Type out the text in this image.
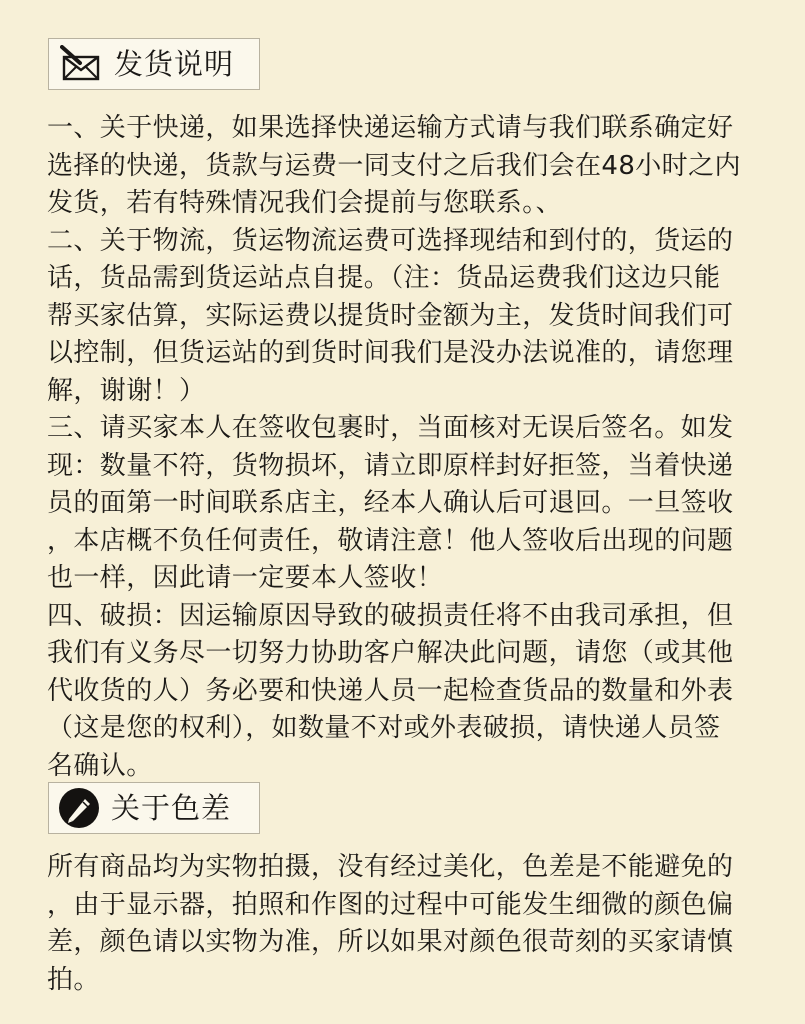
发货说明

一、关于快递，如果选择快递运输方式请与我们联系确定好

选择的快递，货款与运费一同支付之后我们会在48小时之内

发货，若有特殊情况我们会提前与您联系。、

二、关于物流，货运物流运费可选择现结和到付的，货运的

话，货品需到货运站点自提。（注：货品运费我们这边只能

帮买家估算，实际运费以提货时金额为主，发货时间我们可

以控制，但货运站的到货时间我们是没办法说准的，请您理

解，谢谢！）

三、请买家本人在签收包裹时，当面核对无误后签名。如发

现：数量不符，货物损坏，请立即原样封好拒签，当着快递

员的面第一时间联系店主，经本人确认后可退回。一旦签收

，本店概不负任何责任，敬请注意！他人签收后出现的问题

也一样，因此请一定要本人签收！

四、破损：因运输原因导致的破损责任将不由我司承担，但

我们有义务尽一切努力协助客户解决此问题，请您（或其他

代收货的人）务必要和快递人员一起检查货品的数量和外表

（这是您的权利），如数量不对或外表破损，请快递人员签

名确认。

关于色差

所有商品均为实物拍摄，没有经过美化，色差是不能避免的

，由于显示器，拍照和作图的过程中可能发生细微的颜色偏

差，颜色请以实物为准，所以如果对颜色很苛刻的买家请慎

拍。
